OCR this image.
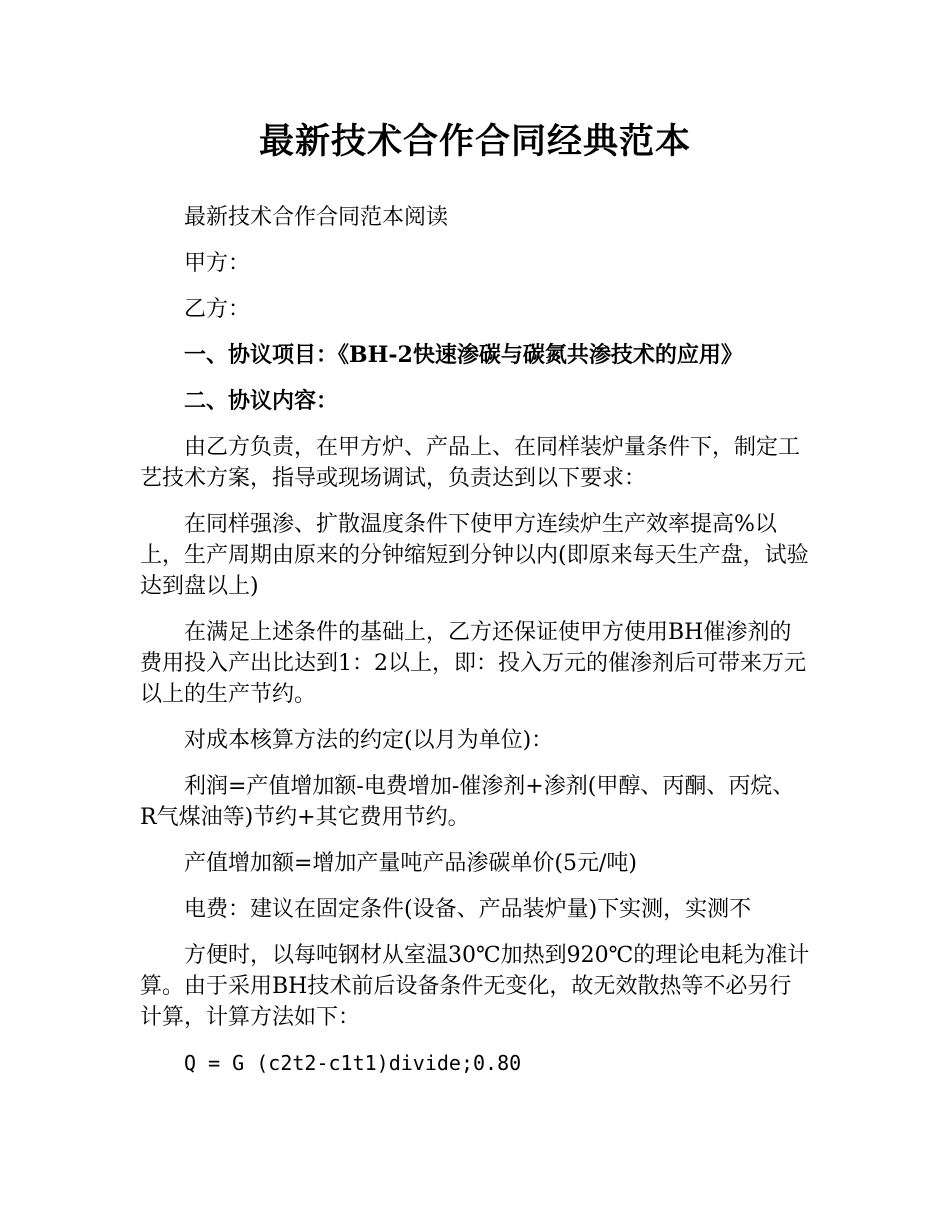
最新技术合作合同经典范本

最新技术合作合同范本阅读

甲方：

乙方：

一、协议项目：《BH-2快速渗碳与碳氮共渗技术的应用》

二、协议内容：

由乙方负责，在甲方炉、产品上、在同样装炉量条件下，制定工艺技术方案，指导或现场调试，负责达到以下要求：

在同样强渗、扩散温度条件下使甲方连续炉生产效率提高%以上，生产周期由原来的分钟缩短到分钟以内(即原来每天生产盘，试验达到盘以上)

在满足上述条件的基础上，乙方还保证使甲方使用BH催渗剂的费用投入产出比达到1：2以上，即：投入万元的催渗剂后可带来万元以上的生产节约。

对成本核算方法的约定(以月为单位)：

利润=产值增加额-电费增加-催渗剂+渗剂(甲醇、丙酮、丙烷、R气煤油等)节约+其它费用节约。

产值增加额=增加产量吨产品渗碳单价(5元/吨)

电费：建议在固定条件(设备、产品装炉量)下实测，实测不

方便时，以每吨钢材从室温30℃加热到920℃的理论电耗为准计算。由于采用BH技术前后设备条件无变化，故无效散热等不必另行计算，计算方法如下：

Q = G (c2t2-c1t1)divide;0.80
